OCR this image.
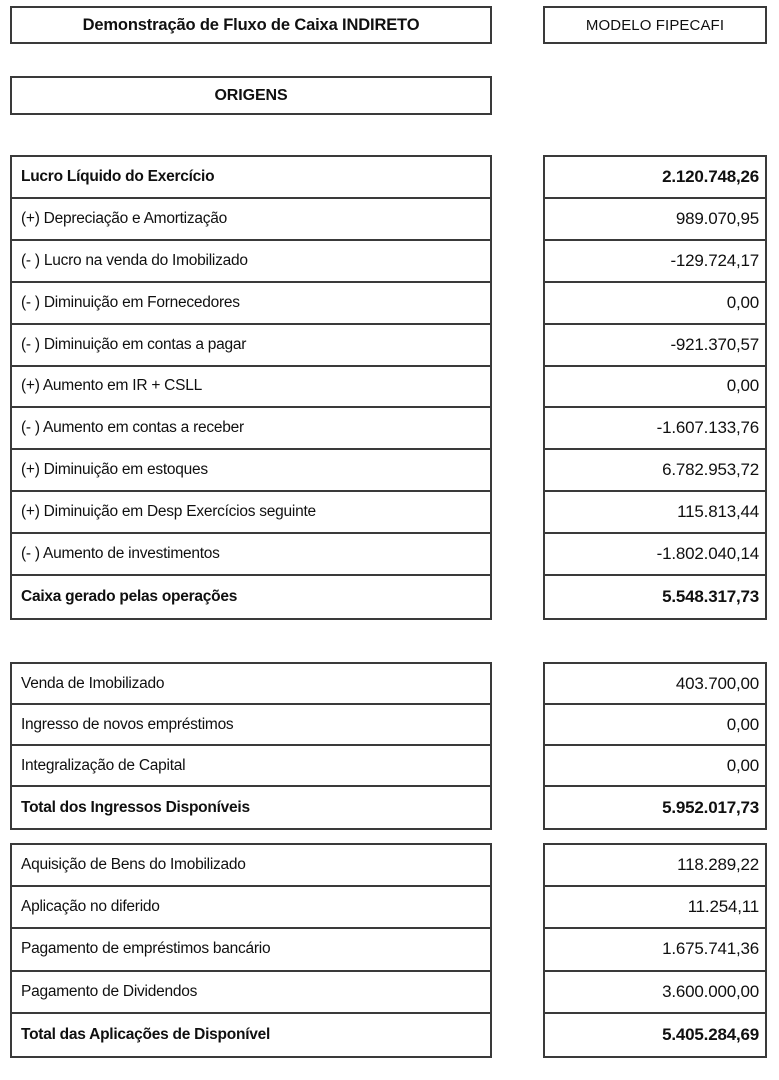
Demonstração de Fluxo de Caixa INDIRETO	MODELO FIPECAFI
ORIGENS
Lucro Líquido do Exercício
(+) Depreciação e Amortização
(- ) Lucro na venda do Imobilizado
(- ) Diminuição em Fornecedores
(- ) Diminuição em contas a pagar
(+) Aumento em IR + CSLL
(- ) Aumento em contas a receber
(+) Diminuição em estoques
(+) Diminuição em Desp Exercícios seguinte
(- ) Aumento de investimentos
Caixa gerado pelas operações
2.120.748,26
989.070,95
-129.724,17
0,00
-921.370,57
0,00
-1.607.133,76
6.782.953,72
115.813,44
-1.802.040,14
5.548.317,73
Venda de Imobilizado
Ingresso de novos empréstimos
Integralização de Capital
Total dos Ingressos Disponíveis
403.700,00
0,00
0,00
5.952.017,73
Aquisição de Bens do Imobilizado
Aplicação no diferido
Pagamento de empréstimos bancário
Pagamento de Dividendos
Total das Aplicações de Disponível
118.289,22
11.254,11
1.675.741,36
3.600.000,00
5.405.284,69
